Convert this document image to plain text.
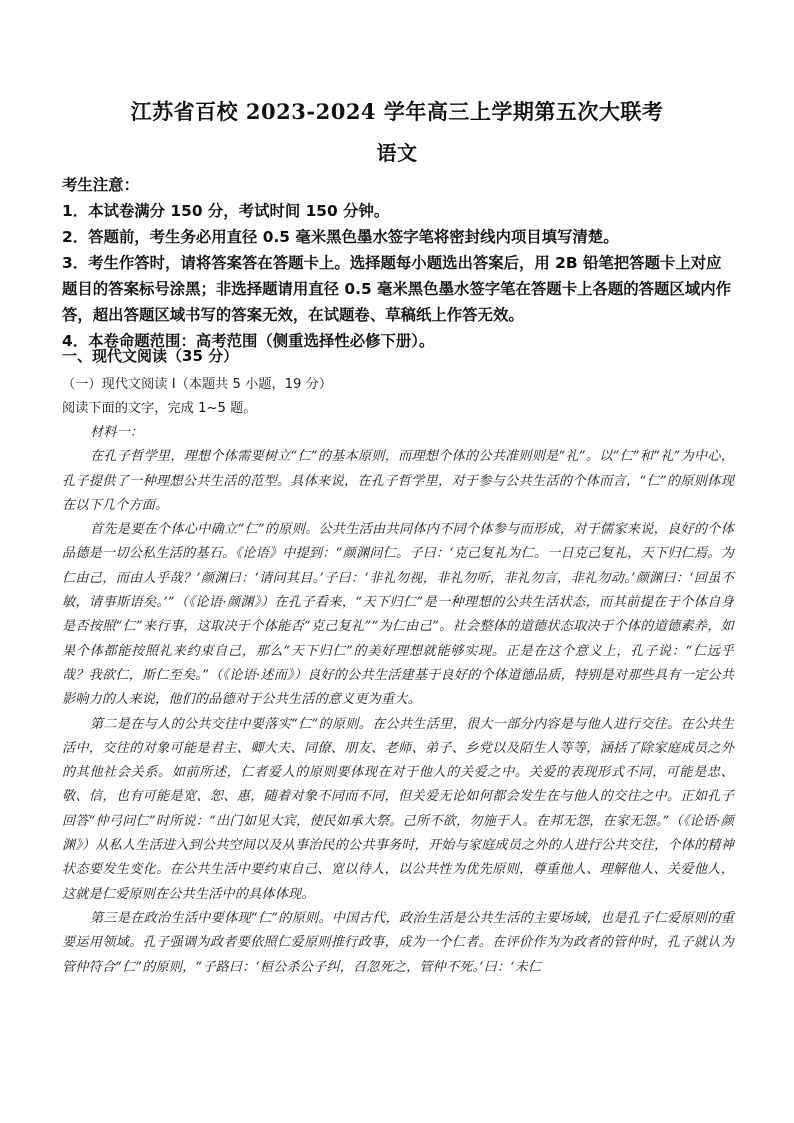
江苏省百校 2023-2024 学年高三上学期第五次大联考
语文

考生注意：

1．本试卷满分 150 分，考试时间 150 分钟。

2．答题前，考生务必用直径 0.5 毫米黑色墨水签字笔将密封线内项目填写清楚。

3．考生作答时，请将答案答在答题卡上。选择题每小题选出答案后，用 2B 铅笔把答题卡上对应题目的答案标号涂黑；非选择题请用直径 0.5 毫米黑色墨水签字笔在答题卡上各题的答题区域内作答，超出答题区域书写的答案无效，在试题卷、草稿纸上作答无效。

4．本卷命题范围：高考范围（侧重选择性必修下册）。

一、现代文阅读（35 分）
（一）现代文阅读 I（本题共 5 小题，19 分）
阅读下面的文字，完成 1~5 题。

材料一：

在孔子哲学里，理想个体需要树立“仁”的基本原则，而理想个体的公共准则则是“礼”。以“仁”和“礼”为中心，孔子提供了一种理想公共生活的范型。具体来说，在孔子哲学里，对于参与公共生活的个体而言，“仁”的原则体现在以下几个方面。

首先是要在个体心中确立“仁”的原则。公共生活由共同体内不同个体参与而形成，对于儒家来说，良好的个体品德是一切公私生活的基石。《论语》中提到：“颜渊问仁。子曰：‘克己复礼为仁。一日克己复礼，天下归仁焉。为仁由己，而由人乎哉？’颜渊曰：‘请问其目。’子曰：‘非礼勿视，非礼勿听，非礼勿言，非礼勿动。’颜渊曰：‘回虽不敏，请事斯语矣。’”（《论语·颜渊》）在孔子看来，“天下归仁”是一种理想的公共生活状态，而其前提在于个体自身是否按照“仁”来行事，这取决于个体能否“克己复礼”“为仁由己”。社会整体的道德状态取决于个体的道德素养，如果个体都能按照礼来约束自己，那么“天下归仁”的美好理想就能够实现。正是在这个意义上，孔子说：“仁远乎哉？我欲仁，斯仁至矣。”（《论语·述而》）良好的公共生活建基于良好的个体道德品质，特别是对那些具有一定公共影响力的人来说，他们的品德对于公共生活的意义更为重大。

第二是在与人的公共交往中要落实“仁”的原则。在公共生活里，很大一部分内容是与他人进行交往。在公共生活中，交往的对象可能是君主、卿大夫、同僚、朋友、老师、弟子、乡党以及陌生人等等，涵括了除家庭成员之外的其他社会关系。如前所述，仁者爱人的原则要体现在对于他人的关爱之中。关爱的表现形式不同，可能是忠、敬、信，也有可能是宽、恕、惠，随着对象不同而不同，但关爱无论如何都会发生在与他人的交往之中。正如孔子回答“仲弓问仁”时所说：“出门如见大宾，使民如承大祭。己所不欲，勿施于人。在邦无怨，在家无怨。”（《论语·颜渊》）从私人生活进入到公共空间以及从事治民的公共事务时，开始与家庭成员之外的人进行公共交往，个体的精神状态要发生变化。在公共生活中要约束自己、宽以待人，以公共性为优先原则，尊重他人、理解他人、关爱他人，这就是仁爱原则在公共生活中的具体体现。

第三是在政治生活中要体现“仁”的原则。中国古代，政治生活是公共生活的主要场域，也是孔子仁爱原则的重要运用领域。孔子强调为政者要依照仁爱原则推行政事，成为一个仁者。在评价作为为政者的管仲时，孔子就认为管仲符合“仁”的原则，“子路曰：‘桓公杀公子纠，召忽死之，管仲不死。’曰：‘未仁
